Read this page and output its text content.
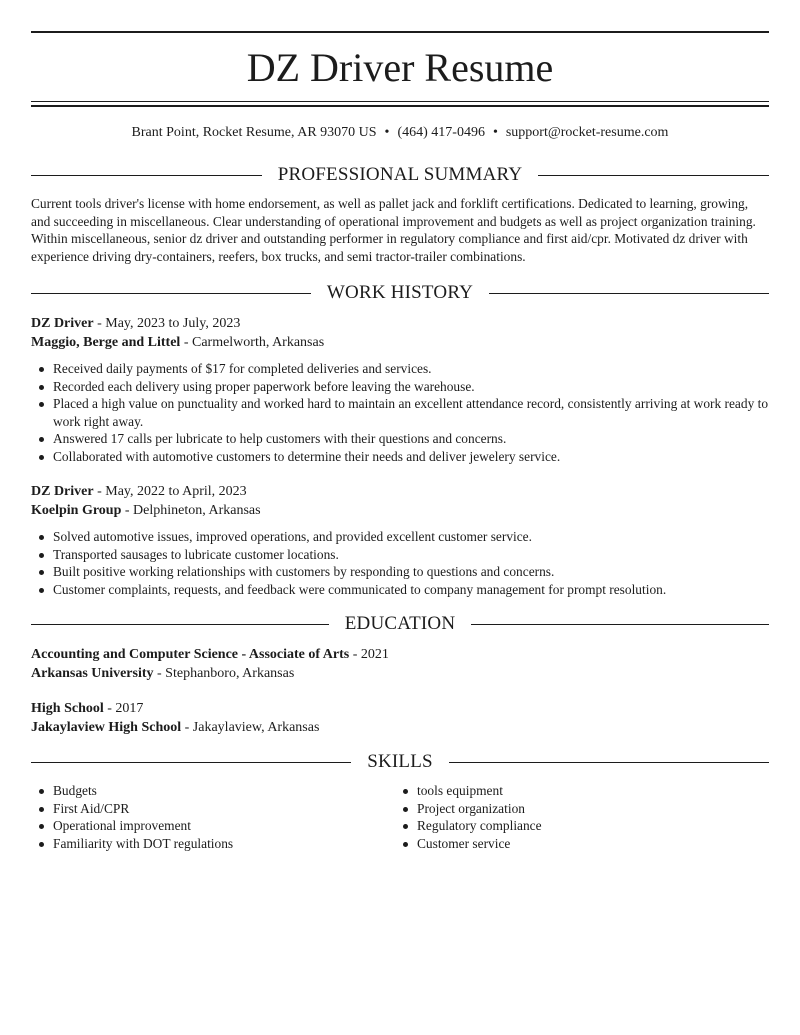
DZ Driver Resume
Brant Point, Rocket Resume, AR 93070 US • (464) 417-0496 • support@rocket-resume.com
PROFESSIONAL SUMMARY

Current tools driver's license with home endorsement, as well as pallet jack and forklift certifications. Dedicated to learning, growing, and succeeding in miscellaneous. Clear understanding of operational improvement and budgets as well as project organization training. Within miscellaneous, senior dz driver and outstanding performer in regulatory compliance and first aid/cpr. Motivated dz driver with experience driving dry-containers, reefers, box trucks, and semi tractor-trailer combinations.

WORK HISTORY
DZ Driver - May, 2023 to July, 2023
Maggio, Berge and Littel - Carmelworth, Arkansas
Received daily payments of $17 for completed deliveries and services.
Recorded each delivery using proper paperwork before leaving the warehouse.
Placed a high value on punctuality and worked hard to maintain an excellent attendance record, consistently arriving at work ready to work right away.
Answered 17 calls per lubricate to help customers with their questions and concerns.
Collaborated with automotive customers to determine their needs and deliver jewelery service.
DZ Driver - May, 2022 to April, 2023
Koelpin Group - Delphineton, Arkansas
Solved automotive issues, improved operations, and provided excellent customer service.
Transported sausages to lubricate customer locations.
Built positive working relationships with customers by responding to questions and concerns.
Customer complaints, requests, and feedback were communicated to company management for prompt resolution.
EDUCATION
Accounting and Computer Science - Associate of Arts - 2021
Arkansas University - Stephanboro, Arkansas
High School - 2017
Jakaylaview High School - Jakaylaview, Arkansas
SKILLS
Budgets
First Aid/CPR
Operational improvement
Familiarity with DOT regulations
tools equipment
Project organization
Regulatory compliance
Customer service
